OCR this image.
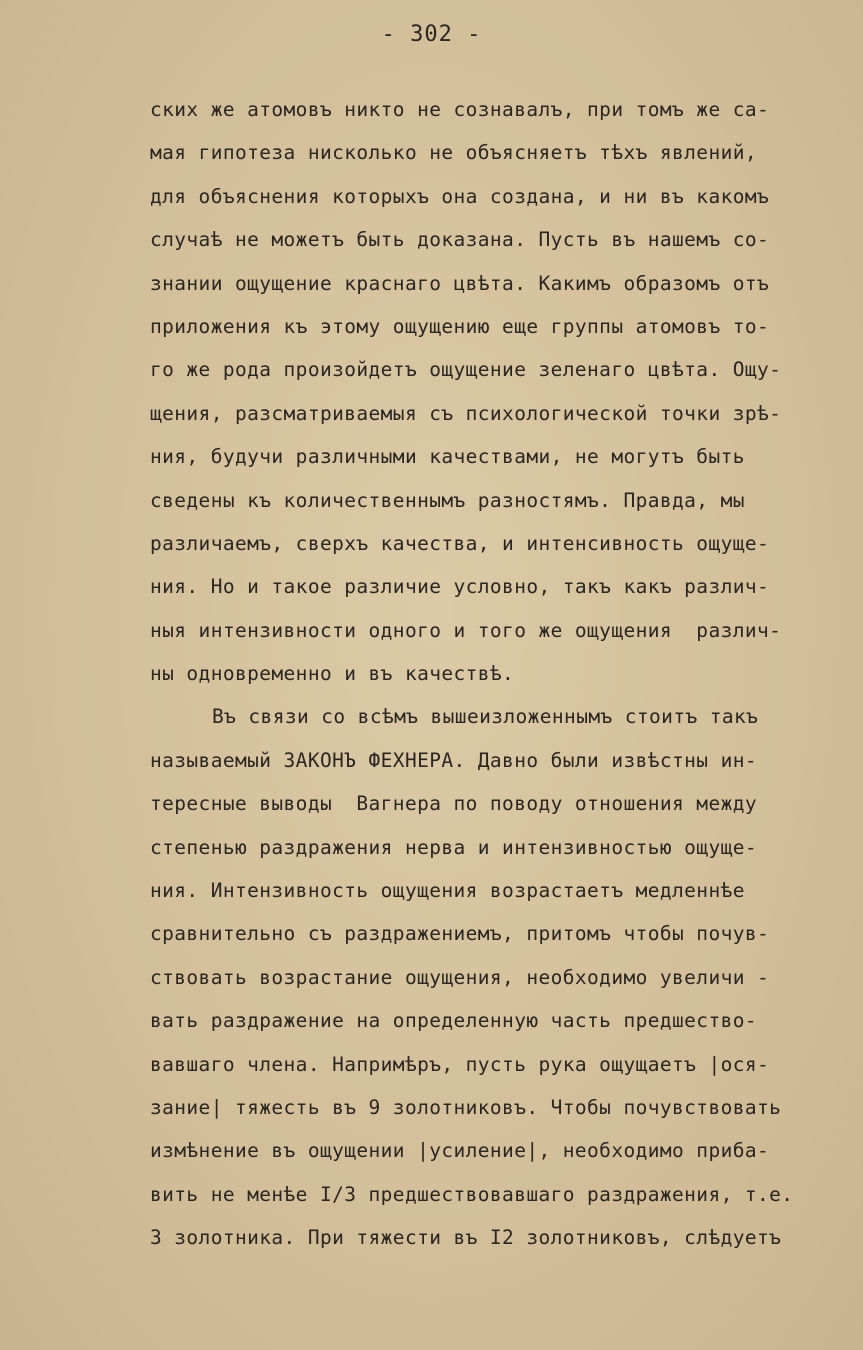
- 302 -
ских же атомовъ никто не сознавалъ, при томъ же са-
мая гипотеза нисколько не объясняетъ тѣхъ явлений,
для объяснения которыхъ она создана, и ни въ какомъ
случаѣ не можетъ быть доказана. Пусть въ нашемъ со-
знании ощущение краснаго цвѣта. Какимъ образомъ отъ
приложения къ этому ощущению еще группы атомовъ то-
го же рода произойдетъ ощущение зеленаго цвѣта. Ощу-
щения, разсматриваемыя съ психологической точки зрѣ-
ния, будучи различными качествами, не могутъ быть
сведены къ количественнымъ разностямъ. Правда, мы
различаемъ, сверхъ качества, и интенсивность ощуще-
ния. Но и такое различие условно, такъ какъ различ-
ныя интензивности одного и того же ощущения  различ-
ны одновременно и въ качествѣ.
Въ связи со всѣмъ вышеизложеннымъ стоитъ такъ
называемый ЗАКОНЪ ФЕХНЕРА. Давно были извѣстны ин-
тересные выводы  Вагнера по поводу отношения между
степенью раздражения нерва и интензивностью ощуще-
ния. Интензивность ощущения возрастаетъ медленнѣе
сравнительно съ раздражениемъ, притомъ чтобы почув-
ствовать возрастание ощущения, необходимо увеличи -
вать раздражение на определенную часть предшество-
вавшаго члена. Напримѣръ, пусть рука ощущаетъ |ося-
зание| тяжесть въ 9 золотниковъ. Чтобы почувствовать
измѣнение въ ощущении |усиление|, необходимо приба-
вить не менѣе I/3 предшествовавшаго раздражения, т.е.
3 золотника. При тяжести въ I2 золотниковъ, слѣдуетъ
